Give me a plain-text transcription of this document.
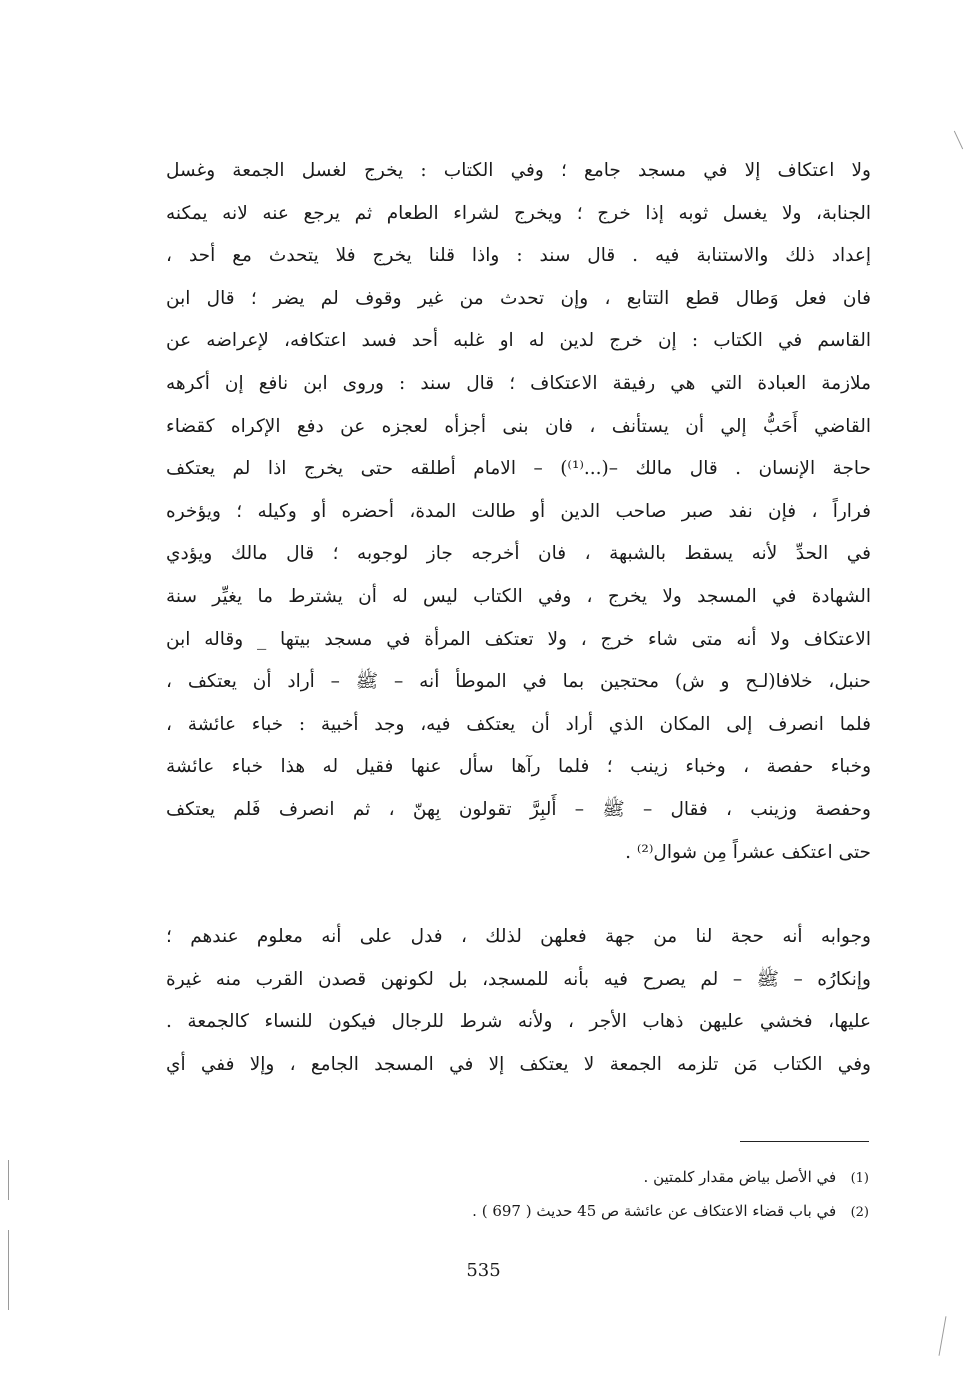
ولا اعتكاف إلا في مسجد جامع ؛ وفي الكتاب : يخرج لغسل الجمعة وغسل
الجنابة، ولا يغسل ثوبه إذا خرج ؛ ويخرج لشراء الطعام ثم يرجع عنه لانه يمكنه
إعداد ذلك والاستنابة فيه . قال سند : واذا قلنا يخرج فلا يتحدث مع أحد ،
فان فعل وَطال قطع التتابع ، وإن تحدث من غير وقوف لم يضر ؛ قال ابن
القاسم في الكتاب : إن خرج لدين له او غلبه أحد فسد اعتكافه، لإعراضه عن
ملازمة العبادة التي هي رفيقة الاعتكاف ؛ قال سند : وروى ابن نافع إن أكرهه
القاضي أَحَبُّ إلي أن يستأنف ، فان بنى أجزأه لعجزه عن دفع الإكراه كقضاء
حاجة الإنسان . قال مالك –(...⁽¹⁾) – الامام أطلقه حتى يخرج اذا لم يعتكف
فراراً ، فإن نفد صبر صاحب الدين أو طالت المدة، أحضره أو وكيله ؛ ويؤخره
في الحدِّ لأنه يسقط بالشبهة ، فان أخرجه جاز لوجوبه ؛ قال مالك ويؤدي
الشهادة في المسجد ولا يخرج ، وفي الكتاب ليس له أن يشترط ما يغيِّر سنة
الاعتكاف ولا أنه متى شاء خرج ، ولا تعتكف المرأة في مسجد بيتها _ وقاله ابن
حنبل، خلافا(لـح و ش) محتجين بما في الموطأ أنه – ﷺ – أراد أن يعتكف ،
فلما انصرف إلى المكان الذي أراد أن يعتكف فيه، وجد أخبية : خباء عائشة ،
وخباء حفصة ، وخباء زينب ؛ فلما رآها سأل عنها فقيل له هذا خباء عائشة
وحفصة وزينب ، فقال – ﷺ – أَلبِرَّ تقولون بِهنّ ، ثم انصرف فَلم يعتكف
حتى اعتكف عشراً مِن شوال⁽²⁾ .
وجوابه أنه حجة لنا من جهة فعلهن لذلك ، فدل على أنه معلوم عندهم ؛
وإنكارُه – ﷺ – لم يصرح فيه بأنه للمسجد، بل لكونهن قصدن القرب منه غيرة
عليها، فخشي عليهن ذهاب الأجر ، ولأنه شرط للرجال فيكون للنساء كالجمعة .
وفي الكتاب مَن تلزمه الجمعة لا يعتكف إلا في المسجد الجامع ، وإلا ففي أي
(1) في الأصل بياض مقدار كلمتين .
(2) في باب قضاء الاعتكاف عن عائشة ص 45 حديث ( 697 ) .
535
